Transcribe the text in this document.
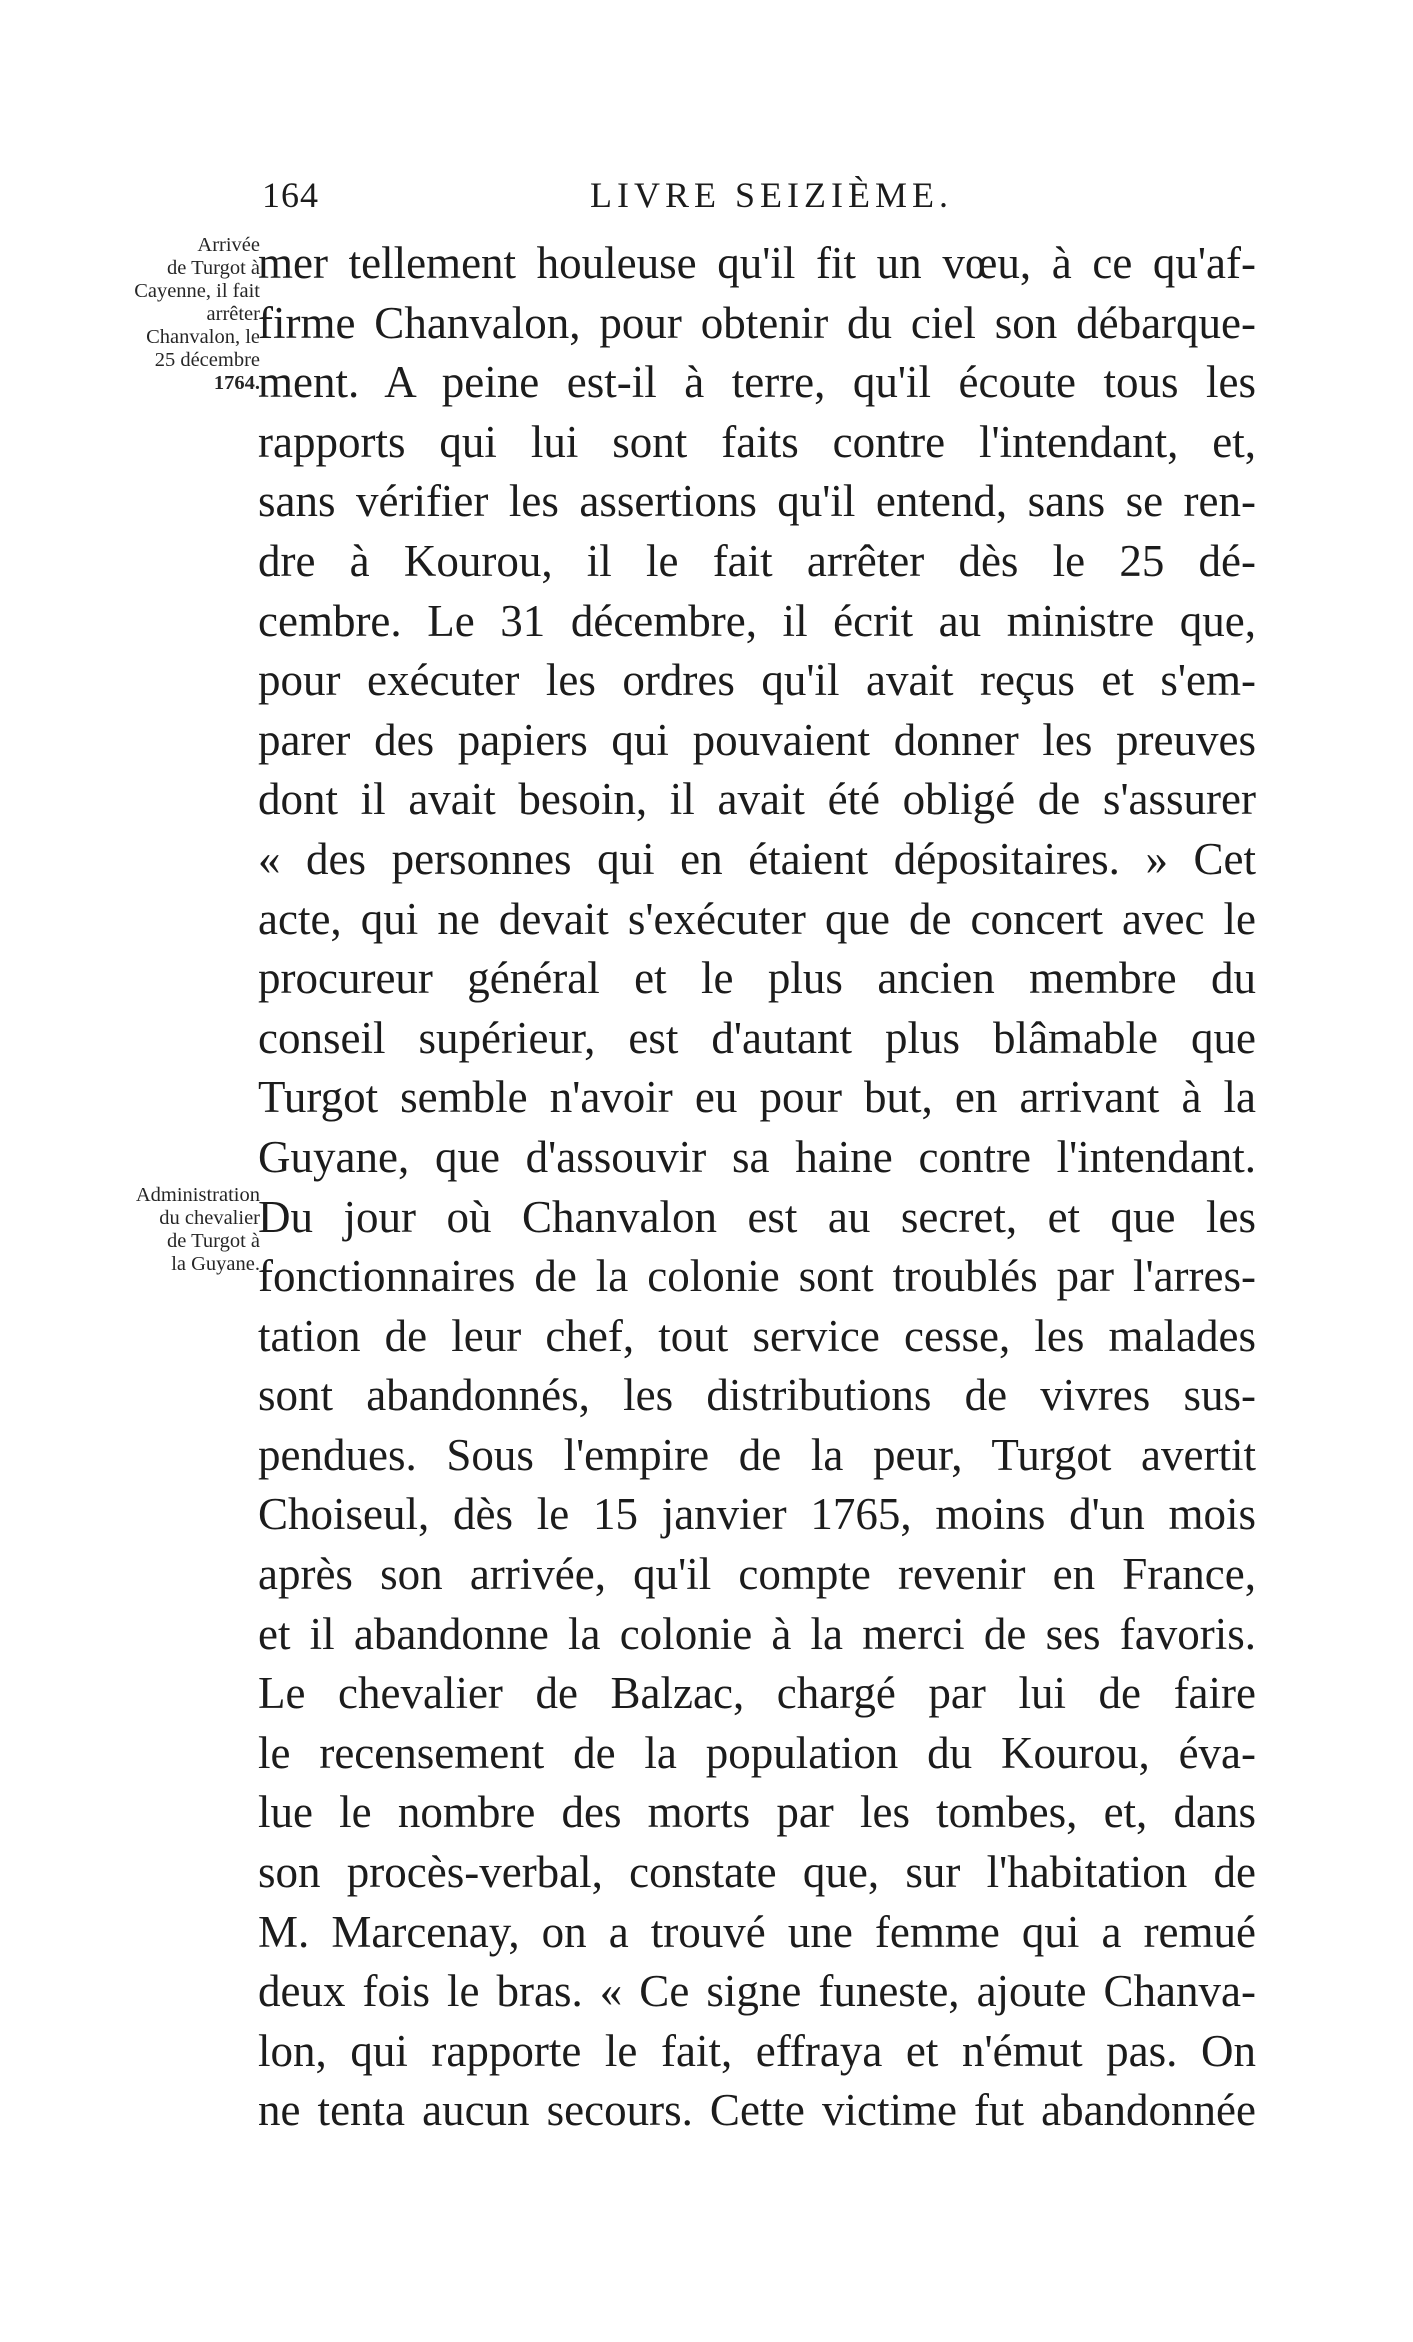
164	LIVRE SEIZIÈME.
Arrivée
de Turgot à
Cayenne, il fait
arrêter
Chanvalon, le
25 décembre
1764.
Administration
du chevalier
de Turgot à
la Guyane.
mer tellement houleuse qu'il fit un vœu, à ce qu'af-
firme Chanvalon, pour obtenir du ciel son débarque-
ment. A peine est-il à terre, qu'il écoute tous les
rapports qui lui sont faits contre l'intendant, et,
sans vérifier les assertions qu'il entend, sans se ren-
dre à Kourou, il le fait arrêter dès le 25 dé-
cembre. Le 31 décembre, il écrit au ministre que,
pour exécuter les ordres qu'il avait reçus et s'em-
parer des papiers qui pouvaient donner les preuves
dont il avait besoin, il avait été obligé de s'assurer
« des personnes qui en étaient dépositaires. » Cet
acte, qui ne devait s'exécuter que de concert avec le
procureur général et le plus ancien membre du
conseil supérieur, est d'autant plus blâmable que
Turgot semble n'avoir eu pour but, en arrivant à la
Guyane, que d'assouvir sa haine contre l'intendant.
Du jour où Chanvalon est au secret, et que les
fonctionnaires de la colonie sont troublés par l'arres-
tation de leur chef, tout service cesse, les malades
sont abandonnés, les distributions de vivres sus-
pendues. Sous l'empire de la peur, Turgot avertit
Choiseul, dès le 15 janvier 1765, moins d'un mois
après son arrivée, qu'il compte revenir en France,
et il abandonne la colonie à la merci de ses favoris.
Le chevalier de Balzac, chargé par lui de faire
le recensement de la population du Kourou, éva-
lue le nombre des morts par les tombes, et, dans
son procès-verbal, constate que, sur l'habitation de
M. Marcenay, on a trouvé une femme qui a remué
deux fois le bras. « Ce signe funeste, ajoute Chanva-
lon, qui rapporte le fait, effraya et n'émut pas. On
ne tenta aucun secours. Cette victime fut abandonnée
